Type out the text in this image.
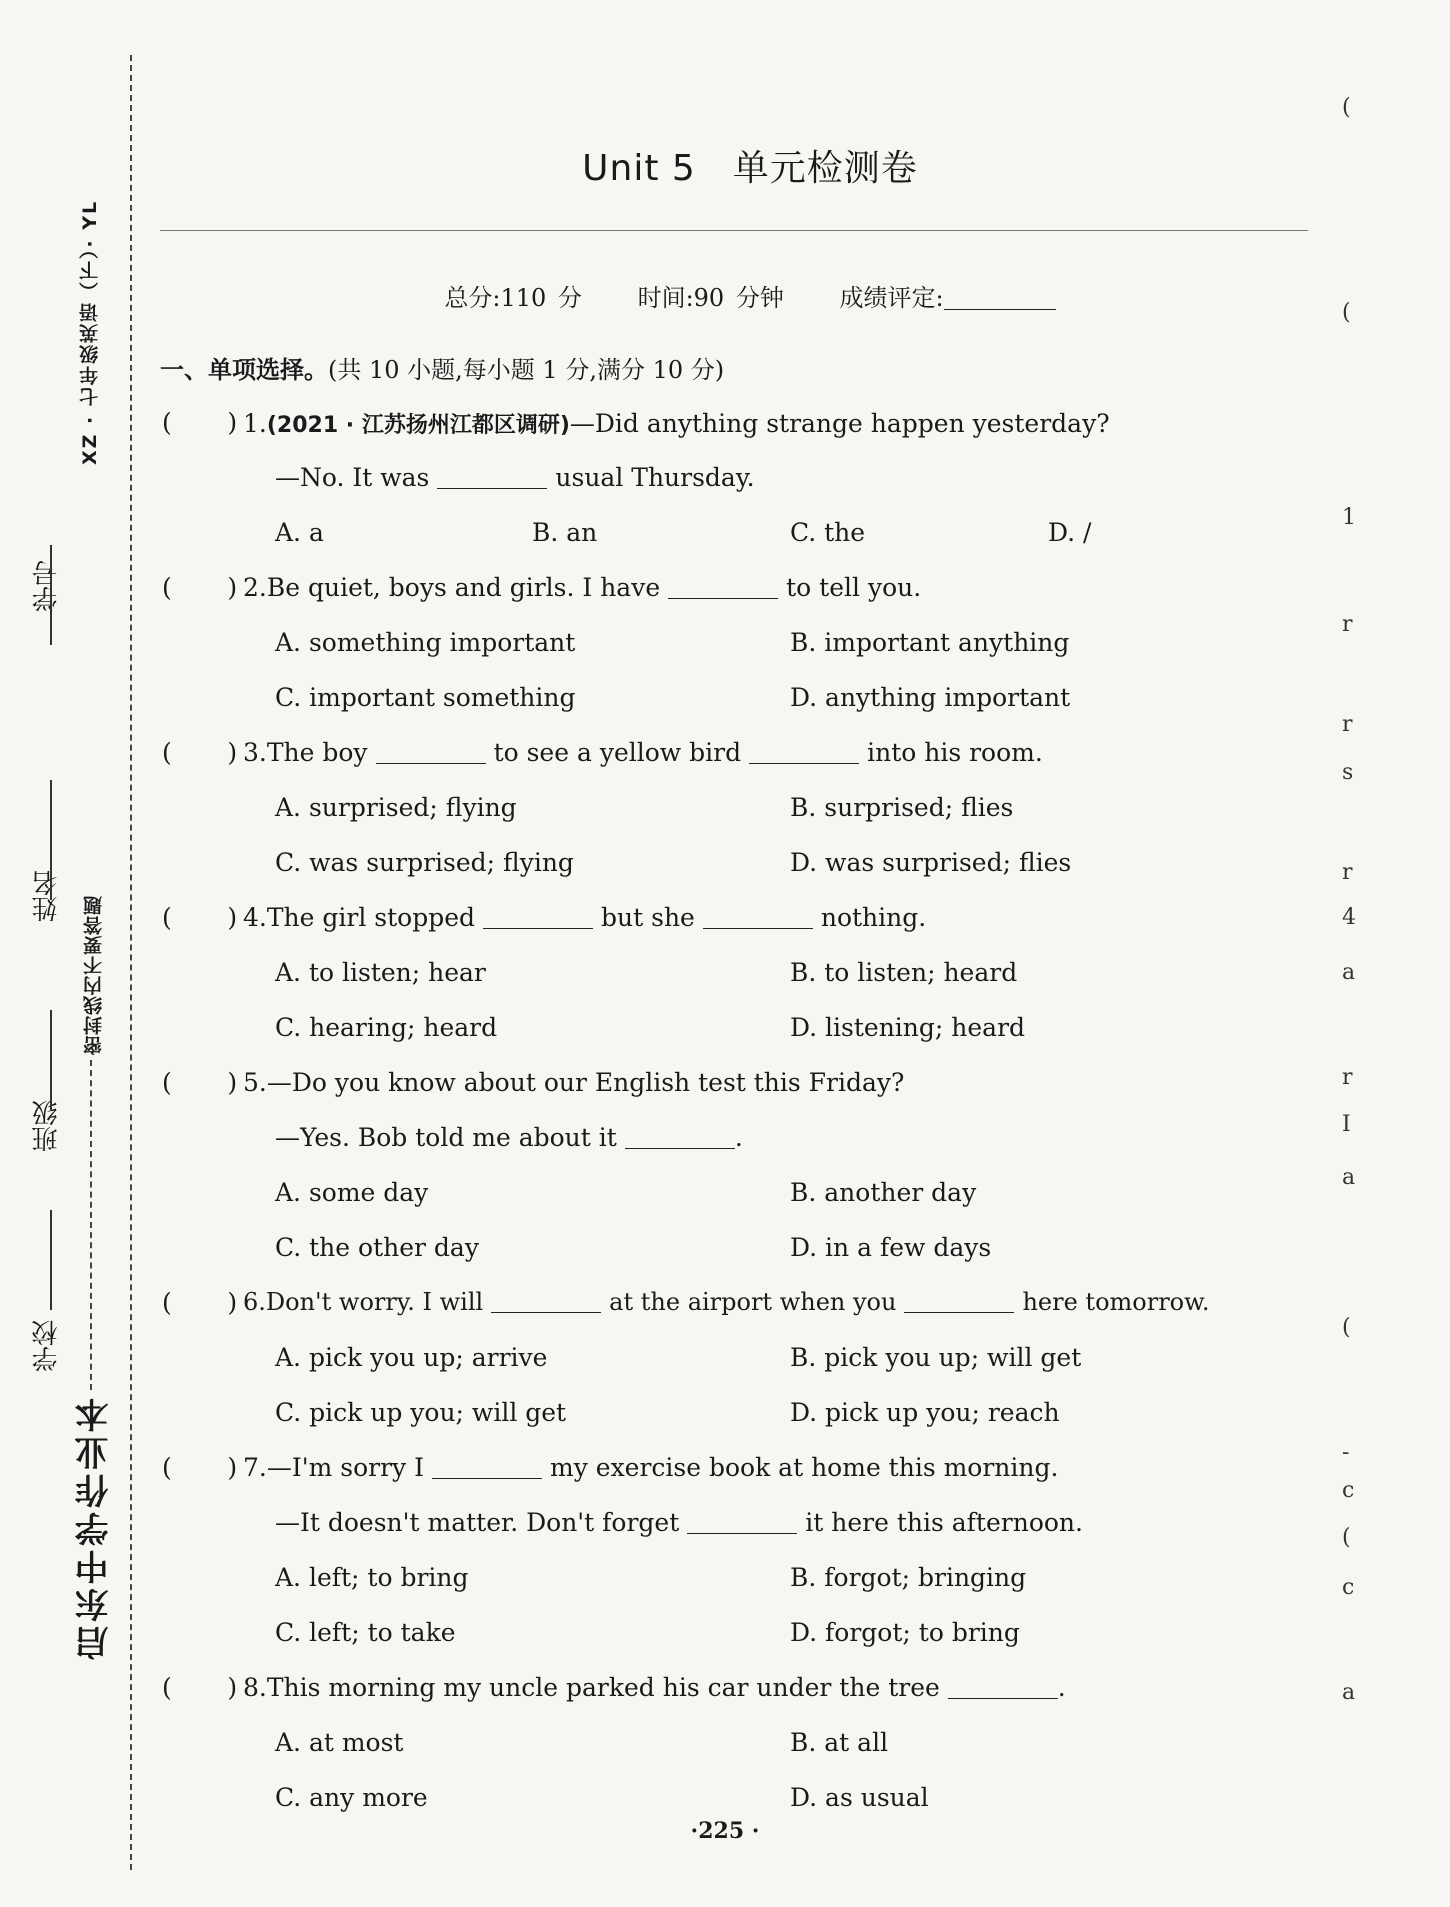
XZ · 七年级英语（下）· YL
密封线内不要答题
启东中学作业本
学号
姓名
班级
学校
Unit 5　单元检测卷
总分:110 分 时间:90 分钟 成绩评定:
一、单项选择。(共 10 小题,每小题 1 分,满分 10 分)
(       ) 1.(2021 · 江苏扬州江都区调研)—Did anything strange happen yesterday?
—No. It was	usual Thursday.
A. a	B. an	C. the	D. /
(       ) 2.Be quiet, boys and girls. I have	to tell you.
A. something important	B. important anything
C. important something	D. anything important
(       ) 3.The boy	to see a yellow bird	into his room.
A. surprised; flying	B. surprised; flies
C. was surprised; flying	D. was surprised; flies
(       ) 4.The girl stopped	but she	nothing.
A. to listen; hear	B. to listen; heard
C. hearing; heard	D. listening; heard
(       ) 5.—Do you know about our English test this Friday?
—Yes. Bob told me about it	.
A. some day	B. another day
C. the other day	D. in a few days
(       ) 6.Don't worry. I will	at the airport when you	here tomorrow.
A. pick you up; arrive	B. pick you up; will get
C. pick up you; will get	D. pick up you; reach
(       ) 7.—I'm sorry I	my exercise book at home this morning.
—It doesn't matter. Don't forget	it here this afternoon.
A. left; to bring	B. forgot; bringing
C. left; to take	D. forgot; to bring
(       ) 8.This morning my uncle parked his car under the tree	.
A. at most	B. at all
C. any more	D. as usual
·225 ·
(
(
1
r
r
s
r
4
a
r
I
a
(
-
c
(
c
a
